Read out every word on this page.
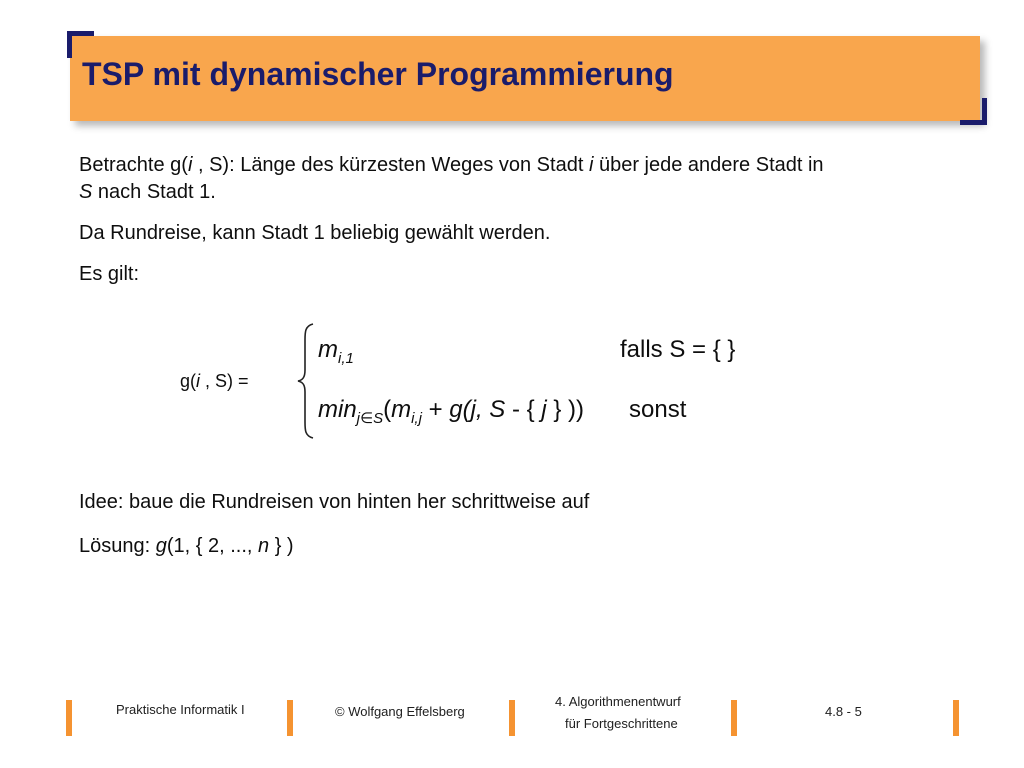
TSP mit dynamischer Programmierung

Betrachte g(i , S): Länge des kürzesten Weges von Stadt i über jede andere Stadt in
S nach Stadt 1.

Da Rundreise, kann Stadt 1 beliebig gewählt werden.

Es gilt:

g(i , S) =
$m_{i,1}$	falls S = { }
$\min_{j\in S}(m_{i,j} + g(j$, S - { j } )) sonst
Idee: baue die Rundreisen von hinten her schrittweise auf
Lösung: g(1, { 2, ..., n } )
Praktische Informatik I	© Wolfgang Effelsberg
4. Algorithmenentwurf
für Fortgeschrittene
4.8 - 5
